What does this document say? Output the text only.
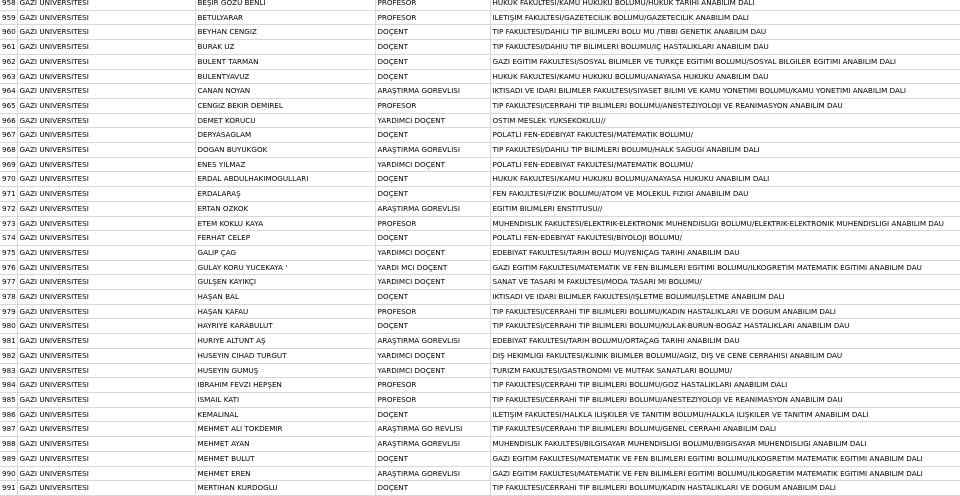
958	GAZI UNIVERSITESI	BEŞIR GOZU BENLI	PROFESOR	HUKUK FAKULTESI/KAMU HUKUKU BOLUMU/HUKUK TARIHI ANABILIM DALI
959	GAZI UNIVERSITESI	BETULYARAR	PROFESOR	ILETIŞIM FAKULTESI/GAZETECILIK BOLUMU/GAZETECILIK ANABILIM DALI
960	GAZI UNIVERSITESI	BEYHAN CENGIZ	DOÇENT	TIP FAKULTESI/DAHILI TIP BILIMLERI BOLU MU /TIBBI GENETIK ANABILIM DAU
961	GAZI UNIVERSITESI	BURAK UZ	DOÇENT	TIP FAKULTESI/DAHIU TIP BILIMLERI BOLUMU/IÇ HASTALIKLARI ANABILIM DAU
962	GAZI UNIVERSITESI	BULENT TARMAN	DOÇENT	GAZI EGITIM FAKULTESI/SOSYAL BILIMLER VE TURKÇE EGITIMI BOLUMU/SOSYAL BILGILER EGITIMI ANABILIM DALI
963	GAZI UNIVERSITESI	BULENTYAVUZ	DOÇENT	HUKUK FAKULTESI/KAMU HUKUKU BOLUMU/ANAYASA HUKUKU ANABILIM DAU
964	GAZI UNIVERSITESI	CANAN NOYAN	ARAŞTIRMA GOREVLISI	IKTISADI VE IDARI BILIMLER FAKULTESI/SIYASET BILIMI VE KAMU YONETIMI BOLUMU/KAMU YONETIMI ANABILIM DALI
965	GAZI UNIVERSITESI	CENGIZ BEKIR DEMIREL	PROFESOR	TIP FAKULTESI/CERRAHI TIP BILIMLERI BOLUMU/ANESTEZIYOLOJI VE REANIMASYON ANABILIM DAU
966	GAZI UNIVERSITESI	DEMET KORUCU	YARDIMCI DOÇENT	OSTIM MESLEK YUKSEKOKULU//
967	GAZI UNIVERSITESI	DERYASAGLAM	DOÇENT	POLATLI FEN-EDEBIYAT FAKULTESI/MATEMATIK BOLUMU/
968	GAZI UNIVERSITESI	DOGAN BUYUKGOK	ARAŞTIRMA GOREVLISI	TIP FAKULTESI/DAHILI TIP BILIMLERI BOLUMU/HALK SAGUGI ANABILIM DALI
969	GAZI UNIVERSITESI	ENES YILMAZ	YARDIMCI DOÇENT	POLATLI FEN-EDEBIYAT FAKULTESI/MATEMATIK BOLUMU/
970	GAZI UNIVERSITESI	ERDAL ABDULHAKIMOGULLARI	DOÇENT	HUKUK FAKULTESI/KAMU HUKUKU BOLUMU/ANAYASA HUKUKU ANABILIM DALI
971	GAZI UNIVERSITESI	ERDALARAŞ	DOÇENT	FEN FAKULTESI/FIZIK BOLUMU/ATOM VE MOLEKUL FIZIGI ANABILIM DAU
972	GAZI UNIVERSITESI	ERTAN OZKOK	ARAŞTIRMA GOREVLISI	EGITIM BILIMLERI ENSTITUSU//
973	GAZI UNIVERSITESI	ETEM KOKLU KAYA	PROFESOR	MUHENDISLIK FAKULTESI/ELEKTRIK-ELEKTRONIK MUHENDISLIGI BOLUMU/ELEKTRIK-ELEKTRONIK MUHENDISLIGI ANABILIM DAU
S74	GAZI UNIVERSITESI	FERHAT CELEP	DOÇENT	POLATLI FEN-EDEBIYAT FAKULTESI/BIYOLOJI BOLUMU/
975	GAZI UNIVERSITESI	GALIP ÇAG	YARDIMCI DOÇENT	EDEBIYAT FAKULTESI/TARIH BOLU MU/YENIÇAG TARIHI ANABILIM DAU
976	GAZI UNIVERSITESI	GULAY KORU YUCEKAYA '	YARDI MCI DOÇENT	GAZI EGITIM FAKULTESI/MATEMATIK VE FEN BILIMLERI EGITIMI BOLUMU/ILKOGRETIM MATEMATIK EGITIMI ANABILIM DAU
977	GAZI UNIVERSITESI	GULŞEN KAYIKÇI	YARDIMCI DOÇENT	SANAT VE TASARI M FAKULTESI/MODA TASARI MI BOLUMU/
978	GAZI UNIVERSITESI	HAŞAN BAL	DOÇENT	IKTISADI VE IDARI BILIMLER FAKULTESI/IŞLETME BOLUMU/IŞLETME ANABILIM DALI
979	GAZI UNIVERSITESI	HAŞAN KAFAU	PROFESOR	TIP FAKULTESI/CERRAHI TIP BILIMLERI BOLUMU/KADIN HASTALIKLARI VE DOGUM ANABILIM DALI
980	GAZI UNIVERSITESI	HAYRIYE KARABULUT	DOÇENT	TIP FAKULTESI/CERRAHI TIP BILIMLERI BOLUMU/KULAK-BURUN-BOGAZ HASTALIKLARI ANABILIM DAU
981	GAZI UNIVERSITESI	HURIYE ALTUNT AŞ	ARAŞTIRMA GOREVLISI	EDEBIYAT FAKULTESI/TARIH BOLUMU/ORTAÇAG TARIHI ANABILIM DAU
982	GAZI UNIVERSITESI	HUSEYIN CIHAD TURGUT	YARDIMCI DOÇENT	DIŞ HEKIMLIGI FAKULTESI/KLINIK BILIMLER BOLUMU/AGIZ, DIŞ VE CENE CERRAHISI ANABILIM DAU
983	GAZI UNIVERSITESI	HUSEYIN GUMUŞ	YARDIMCI DOÇENT	TURIZM FAKULTESI/GASTRONOMI VE MUTFAK SANATLARI BOLUMU/
984	GAZI UNIVERSITESI	IBRAHIM FEVZI HEPŞEN	PROFESOR	TIP FAKULTESI/CERRAHI TIP BILIMLERI BOLUMU/GOZ HASTALIKLARI ANABILIM DALI
985	GAZI UNIVERSITESI	ISMAIL KATI	PROFESOR	TIP FAKULTESI/CERRAHI TIP BILIMLERI BOLUMU/ANESTEZIYOLOJI VE REANIMASYON ANABILIM DAU
986	GAZI UNIVERSITESI	KEMALINAL	DOÇENT	ILETIŞIM FAKULTESI/HALKLA ILIŞKILER VE TANITIM BOLUMU/HALKLA ILIŞKILER VE TANITIM ANABILIM DALI
987	GAZI UNIVERSITESI	MEHMET ALI TOKDEMIR	ARAŞTIRMA GO REVLISI	TIP FAKULTESI/CERRAHI TIP BILIMLERI BOLUMU/GENEL CERRAHI ANABILIM DALI
988	GAZI UNIVERSITESI	MEHMET AYAN	ARAŞTIRMA GOREVLISI	MUHENDISLIK FAKULTESI/BILGISAYAR MUHENDISLIGI BOLUMU/BIIGISAYAR MUHENDISLIGI ANABILIM DALI
989	GAZI UNIVERSITESI	MEHMET BULUT	DOÇENT	GAZI EGITIM FAKULTESI/MATEMATIK VE FEN BILIMLERI EGITIMI BOLUMU/ILKOGRETIM MATEMATIK EGITIMI ANABILIM DALI
990	GAZI UNIVERSITESI	MEHMET EREN	ARAŞTIRMA GOREVLISI	GAZI EGITIM FAKULTESI/MATEMATIK VE FEN BILIMLERI EGITIMI BOLUMU/ILKOGRETIM MATEMATIK EGITIMI ANABILIM DALI
991	GAZI UNIVERSITESI	MERTIHAN KURDOGLU	DOÇENT	TIP FAKULTESI/CERRAHI TIP BILIMLERI BOLUMU/KADIN HASTALIKLARI VE DOGUM ANABILIM DALI
